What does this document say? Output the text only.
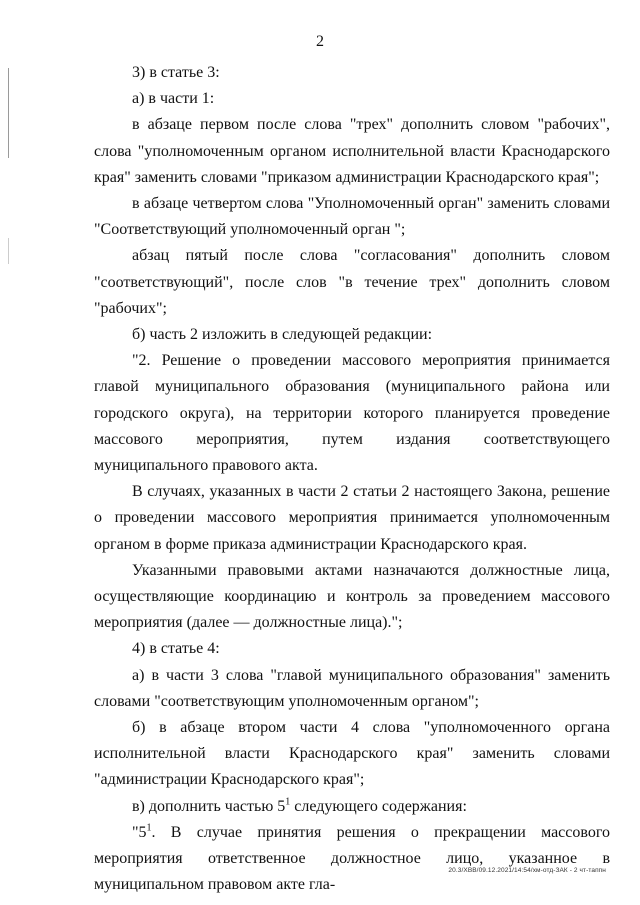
2

3) в статье 3:

а) в части 1:

в абзаце первом после слова "трех" дополнить словом "рабочих", слова "уполномоченным органом исполнительной власти Краснодарского края" заменить словами "приказом администрации Краснодарского края";

в абзаце четвертом слова "Уполномоченный орган" заменить словами "Соответствующий уполномоченный орган ";

абзац пятый после слова "согласования" дополнить словом "соответствующий", после слов "в течение трех" дополнить словом "рабочих";

б) часть 2 изложить в следующей редакции:

"2. Решение о проведении массового мероприятия принимается главой муниципального образования (муниципального района или городского округа), на территории которого планируется проведение массового мероприятия, путем издания соответствующего муниципального правового акта.

В случаях, указанных в части 2 статьи 2 настоящего Закона, решение о проведении массового мероприятия принимается уполномоченным органом в форме приказа администрации Краснодарского края.

Указанными правовыми актами назначаются должностные лица, осуществляющие координацию и контроль за проведением массового мероприятия (далее — должностные лица).";

4) в статье 4:

а) в части 3 слова "главой муниципального образования" заменить словами "соответствующим уполномоченным органом";

б) в абзаце втором части 4 слова "уполномоченного органа исполнительной власти Краснодарского края" заменить словами "администрации Краснодарского края";

в) дополнить частью $5^1$ следующего содержания:

"$5^1$. В случае принятия решения о прекращении массового мероприятия ответственное должностное лицо, указанное в муниципальном правовом акте гла-

20.3/ХВВ/09.12.2021/14:54/хм-отд-ЗАК - 2 чт-таппн
